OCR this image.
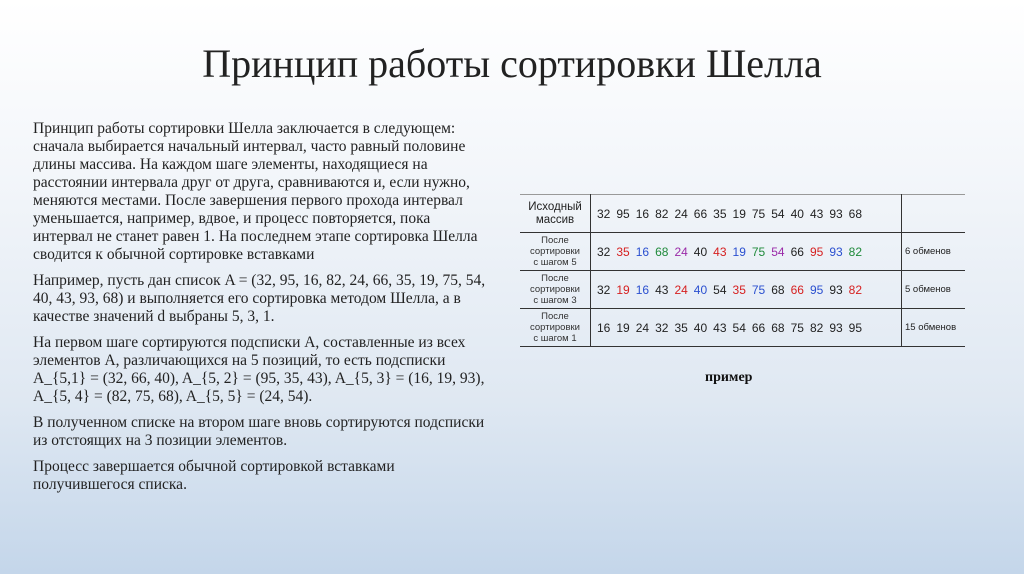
Принцип работы сортировки Шелла

Принцип работы сортировки Шелла заключается в следующем: сначала выбирается начальный интервал, часто равный половине длины массива. На каждом шаге элементы, находящиеся на расстоянии интервала друг от друга, сравниваются и, если нужно, меняются местами. После завершения первого прохода интервал уменьшается, например, вдвое, и процесс повторяется, пока интервал не станет равен 1. На последнем этапе сортировка Шелла сводится к обычной сортировке вставками

Например, пусть дан список A = (32, 95, 16, 82, 24, 66, 35, 19, 75, 54, 40, 43, 93, 68) и выполняется его сортировка методом Шелла, а в качестве значений d выбраны 5, 3, 1.

На первом шаге сортируются подсписки A, составленные из всех элементов A, различающихся на 5 позиций, то есть подсписки A_{5,1} = (32, 66, 40), A_{5, 2} = (95, 35, 43), A_{5, 3} = (16, 19, 93), A_{5, 4} = (82, 75, 68), A_{5, 5} = (24, 54).

В полученном списке на втором шаге вновь сортируются подсписки из отстоящих на 3 позиции элементов.

Процесс завершается обычной сортировкой вставками получившегося списка.

Исходный
массив	32 95 16 82 24 66 35 19 75 54 40 43 93 68	

После
сортировки
с шагом 5	32 35 16 68 24 40 43 19 75 54 66 95 93 82	6 обменов

После
сортировки
с шагом 3	32 19 16 43 24 40 54 35 75 68 66 95 93 82	5 обменов

После
сортировки
с шагом 1	16 19 24 32 35 40 43 54 66 68 75 82 93 95	15 обменов
пример
